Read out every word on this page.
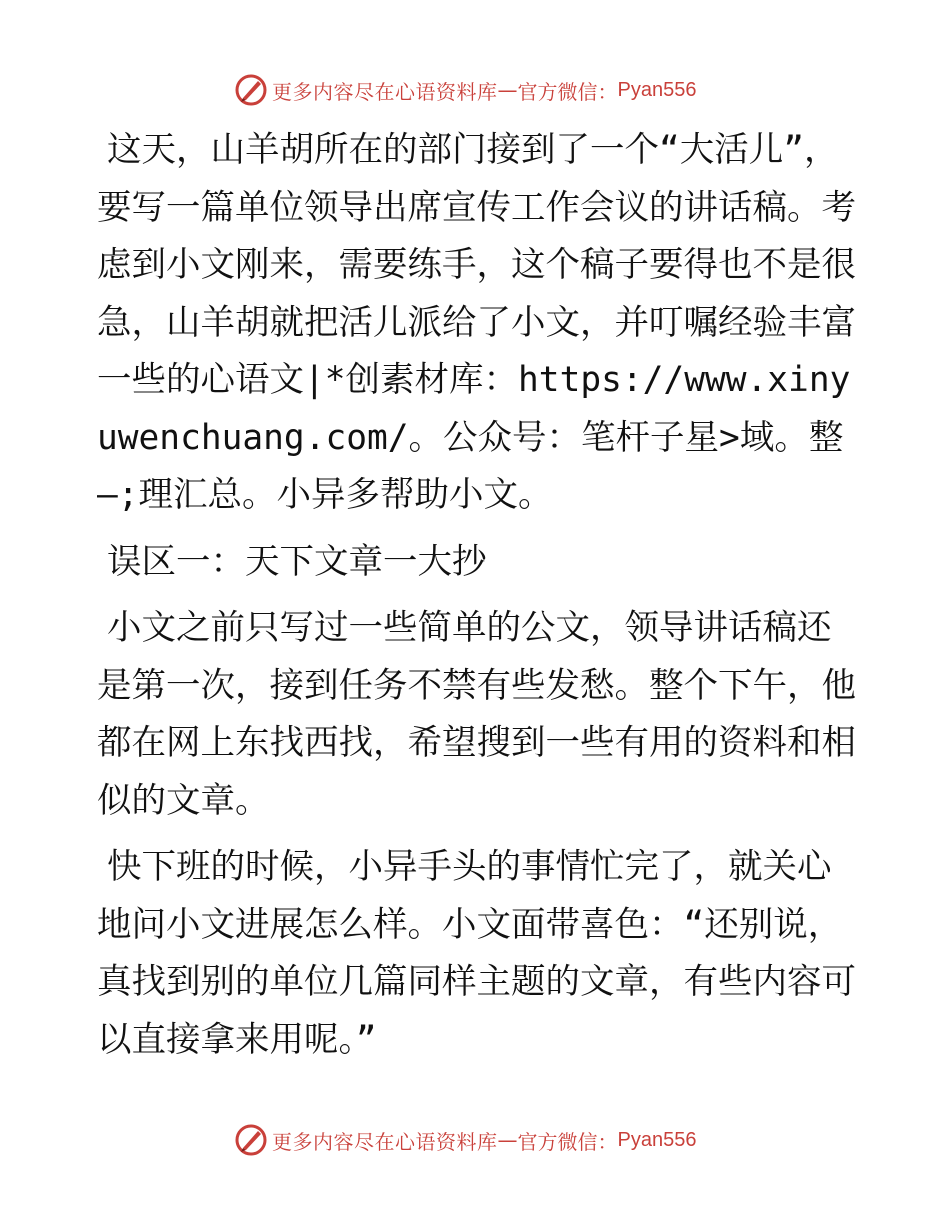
更多内容尽在心语资料库 — 官方微信： Pyan556

这天，山羊胡所在的部门接到了一个“大活儿”，要写一篇单位领导出席宣传工作会议的讲话稿。考虑到小文刚来，需要练手，这个稿子要得也不是很急，山羊胡就把活儿派给了小文，并叮嘱经验丰富一些的心语文|*创素材库：https://www.xinyuwenchuang.com/。公众号：笔杆子星>域。整—;理汇总。小异多帮助小文。

误区一：天下文章一大抄

小文之前只写过一些简单的公文，领导讲话稿还是第一次，接到任务不禁有些发愁。整个下午，他都在网上东找西找，希望搜到一些有用的资料和相似的文章。

快下班的时候，小异手头的事情忙完了，就关心地问小文进展怎么样。小文面带喜色：“还别说，真找到别的单位几篇同样主题的文章，有些内容可以直接拿来用呢。”

更多内容尽在心语资料库 — 官方微信： Pyan556
